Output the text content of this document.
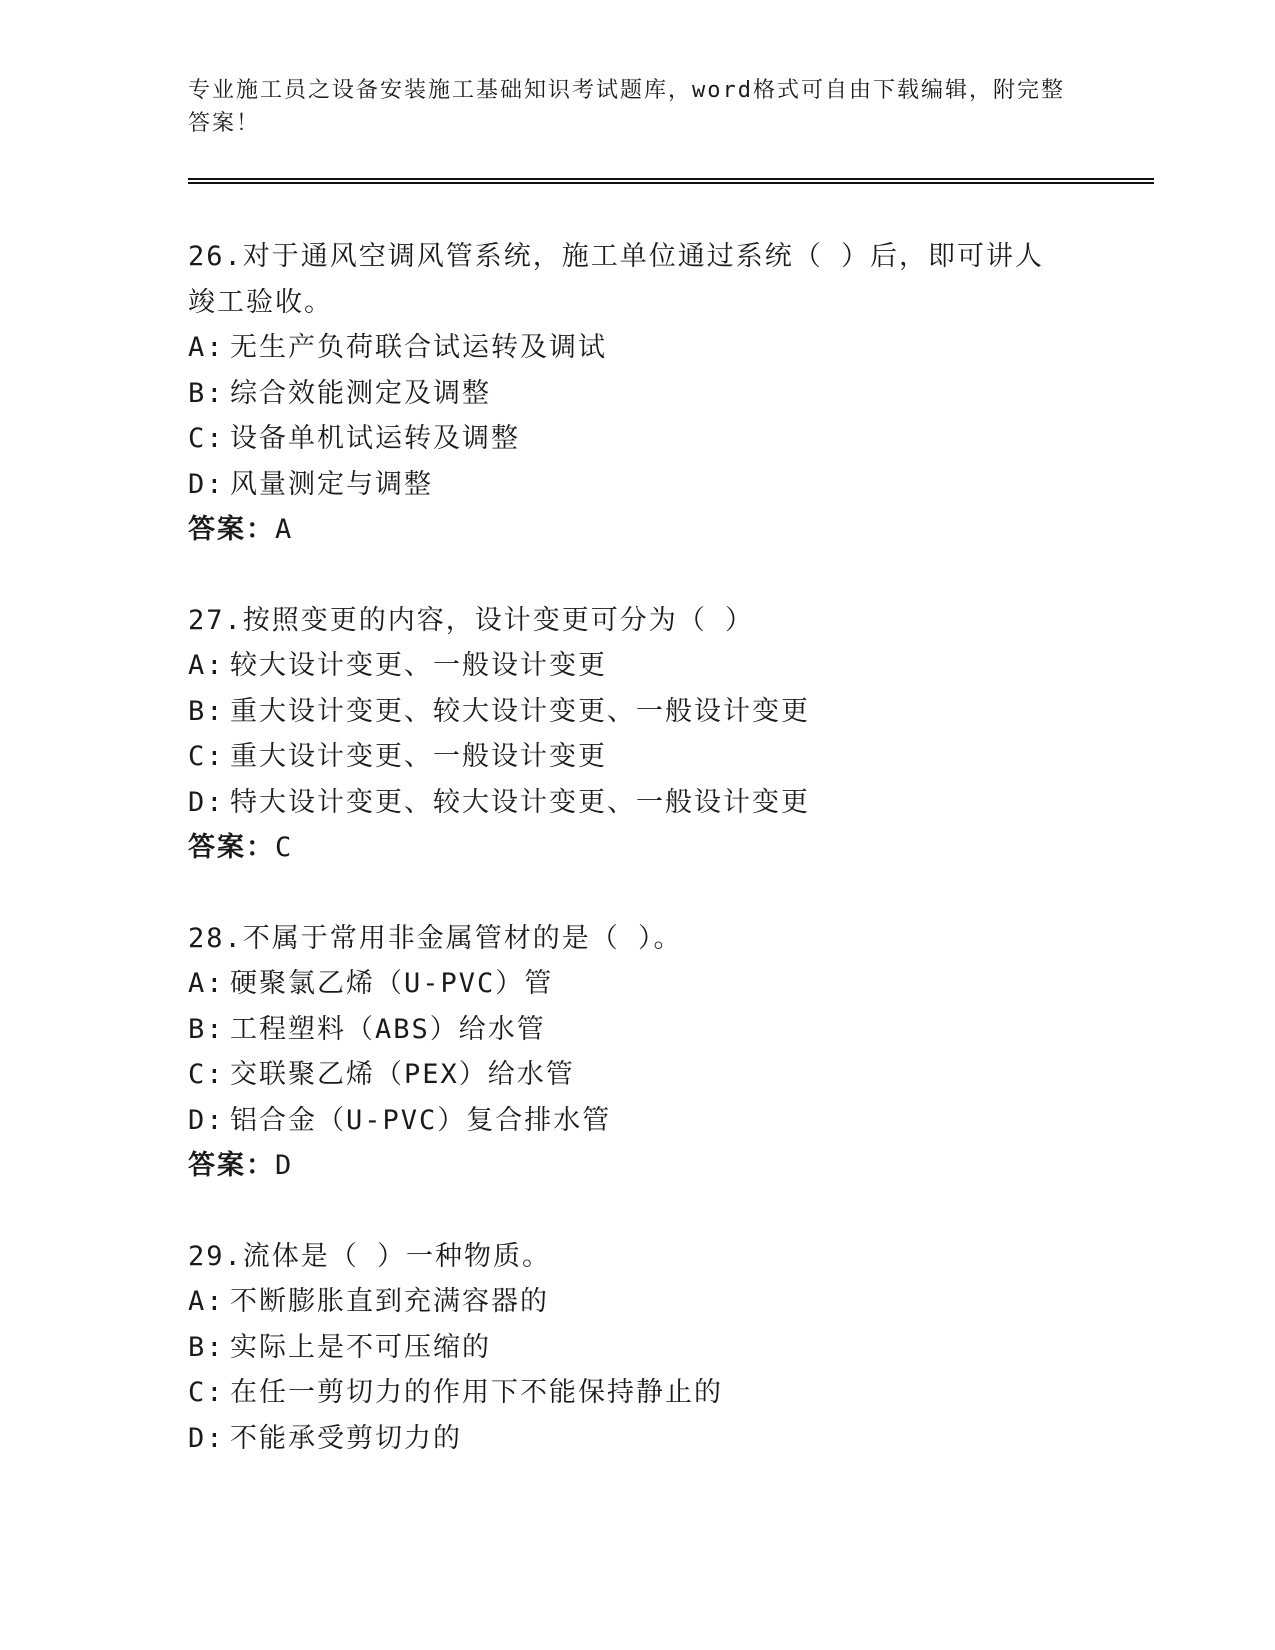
专业施工员之设备安装施工基础知识考试题库，word格式可自由下载编辑，附完整答案！

26.对于通风空调风管系统，施工单位通过系统（ ）后，即可讲人竣工验收。

A: 无生产负荷联合试运转及调试

B: 综合效能测定及调整

C: 设备单机试运转及调整

D: 风量测定与调整

答案：A

27.按照变更的内容，设计变更可分为（ ）

A: 较大设计变更、一般设计变更

B: 重大设计变更、较大设计变更、一般设计变更

C: 重大设计变更、一般设计变更

D: 特大设计变更、较大设计变更、一般设计变更

答案：C

28.不属于常用非金属管材的是（ ）。

A: 硬聚氯乙烯（U-PVC）管

B: 工程塑料（ABS）给水管

C: 交联聚乙烯（PEX）给水管

D: 铝合金（U-PVC）复合排水管

答案：D

29.流体是（ ）一种物质。

A: 不断膨胀直到充满容器的

B: 实际上是不可压缩的

C: 在任一剪切力的作用下不能保持静止的

D: 不能承受剪切力的
